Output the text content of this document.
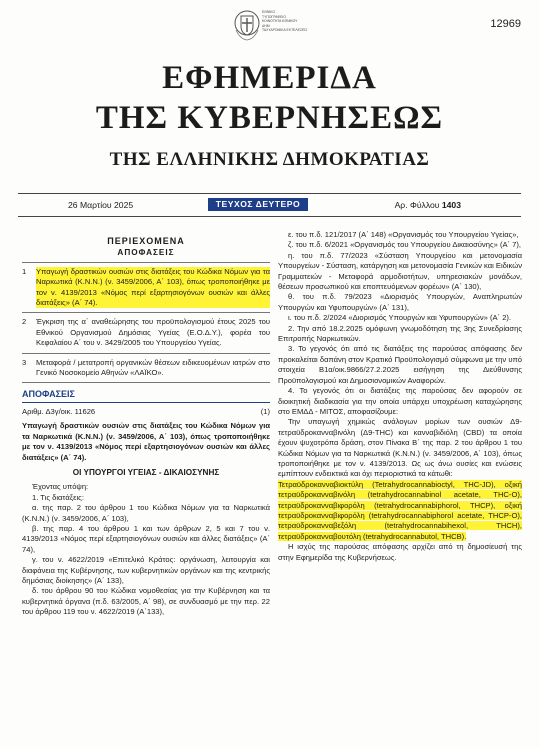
ΕΘΝΙΚΟ
ΤΥΠΟΓΡΑΦΕΙΟ
ΚΟΙΝΟΤΗΤΑ ΕΘΝΙΚΟΥ
ΔΗΜ
ΤΑΧΥΔΡΟΜΙΚΑ ΕΚΤΕΛΕΣΕΙΣ
12969
ΕΦΗΜΕΡΙΔΑ
ΤΗΣ ΚΥΒΕΡΝΗΣΕΩΣ
ΤΗΣ ΕΛΛΗΝΙΚΗΣ ΔΗΜΟΚΡΑΤΙΑΣ
26 Μαρτίου 2025	ΤΕΥΧΟΣ ΔΕΥΤΕΡΟ	Αρ. Φύλλου 1403
ΠΕΡΙΕΧΟΜΕΝΑ
ΑΠΟΦΑΣΕΙΣ
1	Υπαγωγή δραστικών ουσιών στις διατάξεις του Κώδικα Νόμων για τα Ναρκωτικά (Κ.Ν.Ν.) (ν. 3459/2006, Α΄ 103), όπως τροποποιήθηκε με τον ν. 4139/2013 «Νόμος περί εξαρτησιογόνων ουσιών και άλλες διατάξεις» (Α΄ 74).
2	Έγκριση της α΄ αναθεώρησης του προϋπολογισμού έτους 2025 του Εθνικού Οργανισμού Δημόσιας Υγείας (Ε.Ο.Δ.Υ.), φορέα του Κεφαλαίου Α΄ του ν. 3429/2005 του Υπουργείου Υγείας.
3	Μεταφορά / μετατροπή οργανικών θέσεων ειδικευομένων ιατρών στο Γενικό Νοσοκομείο Αθηνών «ΛΑΪΚΟ».
ΑΠΟΦΑΣΕΙΣ
Αριθμ. Δ3γ/οικ. 11626	(1)

Υπαγωγή δραστικών ουσιών στις διατάξεις του Κώδικα Νόμων για τα Ναρκωτικά (Κ.Ν.Ν.) (ν. 3459/2006, Α΄ 103), όπως τροποποιήθηκε με τον ν. 4139/2013 «Νόμος περί εξαρτησιογόνων ουσιών και άλλες διατάξεις» (Α΄ 74).

ΟΙ ΥΠΟΥΡΓΟΙ ΥΓΕΙΑΣ - ΔΙΚΑΙΟΣΥΝΗΣ

Έχοντας υπόψη:

1. Τις διατάξεις:

α. της παρ. 2 του άρθρου 1 του Κώδικα Νόμων για τα Ναρκωτικά (Κ.Ν.Ν.) (ν. 3459/2006, Α΄ 103),

β. της παρ. 4 του άρθρου 1 και των άρθρων 2, 5 και 7 του ν. 4139/2013 «Νόμος περί εξαρτησιογόνων ουσιών και άλλες διατάξεις» (Α΄ 74),

γ. του ν. 4622/2019 «Επιτελικό Κράτος: οργάνωση, λειτουργία και διαφάνεια της Κυβέρνησης, των κυβερνητικών οργάνων και της κεντρικής δημόσιας διοίκησης» (Α΄ 133),

δ. του άρθρου 90 του Κώδικα νομοθεσίας για την Κυβέρνηση και τα κυβερνητικά όργανα (π.δ. 63/2005, Α΄ 98), σε συνδυασμό με την περ. 22 του άρθρου 119 του ν. 4622/2019 (Α΄133),

ε. του π.δ. 121/2017 (Α΄ 148) «Οργανισμός του Υπουργείου Υγείας»,

ζ. του π.δ. 6/2021 «Οργανισμός του Υπουργείου Δικαιοσύνης» (Α΄ 7),

η. του π.δ. 77/2023 «Σύσταση Υπουργείου και μετονομασία Υπουργείων - Σύσταση, κατάργηση και μετονομασία Γενικών και Ειδικών Γραμματειών - Μεταφορά αρμοδιοτήτων, υπηρεσιακών μονάδων, θέσεων προσωπικού και εποπτευόμενων φορέων» (Α΄ 130),

θ. του π.δ. 79/2023 «Διορισμός Υπουργών, Αναπληρωτών Υπουργών και Υφυπουργών» (Α΄ 131),

ι. του π.δ. 2/2024 «Διορισμός Υπουργών και Υφυπουργών» (Α΄ 2).

2. Την από 18.2.2025 ομόφωνη γνωμοδότηση της 3ης Συνεδρίασης Επιτροπής Ναρκωτικών.

3. Το γεγονός ότι από τις διατάξεις της παρούσας απόφασης δεν προκαλείται δαπάνη στον Κρατικό Προϋπολογισμό σύμφωνα με την υπό στοιχεία Β1α/οικ.9866/27.2.2025 εισήγηση της Διεύθυνσης Προϋπολογισμού και Δημοσιονομικών Αναφορών.

4. Το γεγονός ότι οι διατάξεις της παρούσας δεν αφορούν σε διοικητική διαδικασία για την οποία υπάρχει υποχρέωση καταχώρησης στο ΕΜΔΔ - ΜΙΤΟΣ, αποφασίζουμε:

Την υπαγωγή χημικώς ανάλογων μορίων των ουσιών Δ9-τετραϋδροκανναβινόλη (Δ9-THC) και κανναβιδιόλη (CBD) τα οποία έχουν ψυχοτρόπα δράση, στον Πίνακα Β΄ της παρ. 2 του άρθρου 1 του Κώδικα Νόμων για τα Ναρκωτικά (Κ.Ν.Ν.) (ν. 3459/2006, Α΄ 103), όπως τροποποιήθηκε με τον ν. 4139/2013. Ως ως άνω ουσίες και ενώσεις εμπίπτουν ενδεικτικά και όχι περιοριστικά τα κάτωθι:

Τετραϋδροκανναβιοκτύλη (Tetrahydrocannabioctyl, THC-JD), οξική τετραϋδροκανναβινόλη (tetrahydrocannabinol acetate, THC-O), τετραϋδροκανναβιφορόλη (tetrahydrocannabiphorol, THCP), οξική τετραϋδροκανναβιφορόλη (tetrahydrocannabiphorol acetate, THCP-O), τετραϋδροκανναβεξόλη (tetrahydrocannabihexol, THCH), τετραϋδροκανναβουτόλη (tetrahydrocannabutol, THCB).

Η ισχύς της παρούσας απόφασης αρχίζει από τη δημοσίευσή της στην Εφημερίδα της Κυβερνήσεως.
